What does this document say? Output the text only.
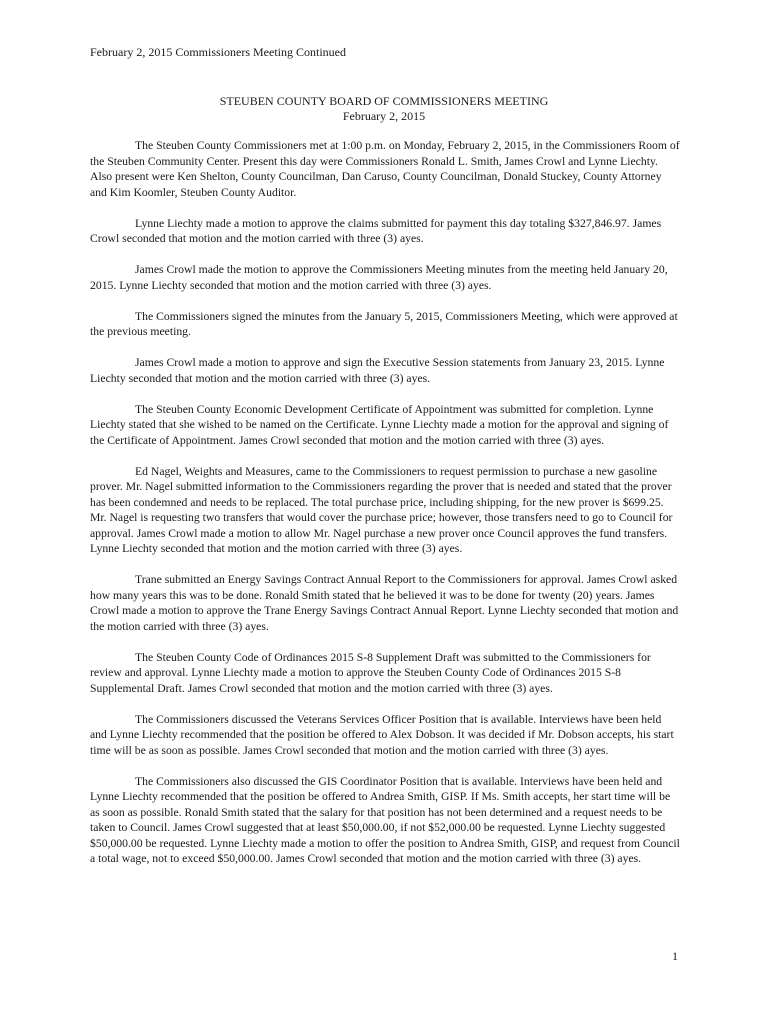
February 2, 2015 Commissioners Meeting Continued
STEUBEN COUNTY BOARD OF COMMISSIONERS MEETING
February 2, 2015

The Steuben County Commissioners met at 1:00 p.m. on Monday, February 2, 2015, in the Commissioners Room of the Steuben Community Center. Present this day were Commissioners Ronald L. Smith, James Crowl and Lynne Liechty. Also present were Ken Shelton, County Councilman, Dan Caruso, County Councilman, Donald Stuckey, County Attorney and Kim Koomler, Steuben County Auditor.

Lynne Liechty made a motion to approve the claims submitted for payment this day totaling $327,846.97. James Crowl seconded that motion and the motion carried with three (3) ayes.

James Crowl made the motion to approve the Commissioners Meeting minutes from the meeting held January 20, 2015. Lynne Liechty seconded that motion and the motion carried with three (3) ayes.

The Commissioners signed the minutes from the January 5, 2015, Commissioners Meeting, which were approved at the previous meeting.

James Crowl made a motion to approve and sign the Executive Session statements from January 23, 2015. Lynne Liechty seconded that motion and the motion carried with three (3) ayes.

The Steuben County Economic Development Certificate of Appointment was submitted for completion. Lynne Liechty stated that she wished to be named on the Certificate. Lynne Liechty made a motion for the approval and signing of the Certificate of Appointment. James Crowl seconded that motion and the motion carried with three (3) ayes.

Ed Nagel, Weights and Measures, came to the Commissioners to request permission to purchase a new gasoline prover. Mr. Nagel submitted information to the Commissioners regarding the prover that is needed and stated that the prover has been condemned and needs to be replaced. The total purchase price, including shipping, for the new prover is $699.25. Mr. Nagel is requesting two transfers that would cover the purchase price; however, those transfers need to go to Council for approval. James Crowl made a motion to allow Mr. Nagel purchase a new prover once Council approves the fund transfers. Lynne Liechty seconded that motion and the motion carried with three (3) ayes.

Trane submitted an Energy Savings Contract Annual Report to the Commissioners for approval. James Crowl asked how many years this was to be done. Ronald Smith stated that he believed it was to be done for twenty (20) years. James Crowl made a motion to approve the Trane Energy Savings Contract Annual Report. Lynne Liechty seconded that motion and the motion carried with three (3) ayes.

The Steuben County Code of Ordinances 2015 S-8 Supplement Draft was submitted to the Commissioners for review and approval. Lynne Liechty made a motion to approve the Steuben County Code of Ordinances 2015 S-8 Supplemental Draft. James Crowl seconded that motion and the motion carried with three (3) ayes.

The Commissioners discussed the Veterans Services Officer Position that is available. Interviews have been held and Lynne Liechty recommended that the position be offered to Alex Dobson. It was decided if Mr. Dobson accepts, his start time will be as soon as possible. James Crowl seconded that motion and the motion carried with three (3) ayes.

The Commissioners also discussed the GIS Coordinator Position that is available. Interviews have been held and Lynne Liechty recommended that the position be offered to Andrea Smith, GISP. If Ms. Smith accepts, her start time will be as soon as possible. Ronald Smith stated that the salary for that position has not been determined and a request needs to be taken to Council. James Crowl suggested that at least $50,000.00, if not $52,000.00 be requested. Lynne Liechty suggested $50,000.00 be requested. Lynne Liechty made a motion to offer the position to Andrea Smith, GISP, and request from Council a total wage, not to exceed $50,000.00. James Crowl seconded that motion and the motion carried with three (3) ayes.

1
